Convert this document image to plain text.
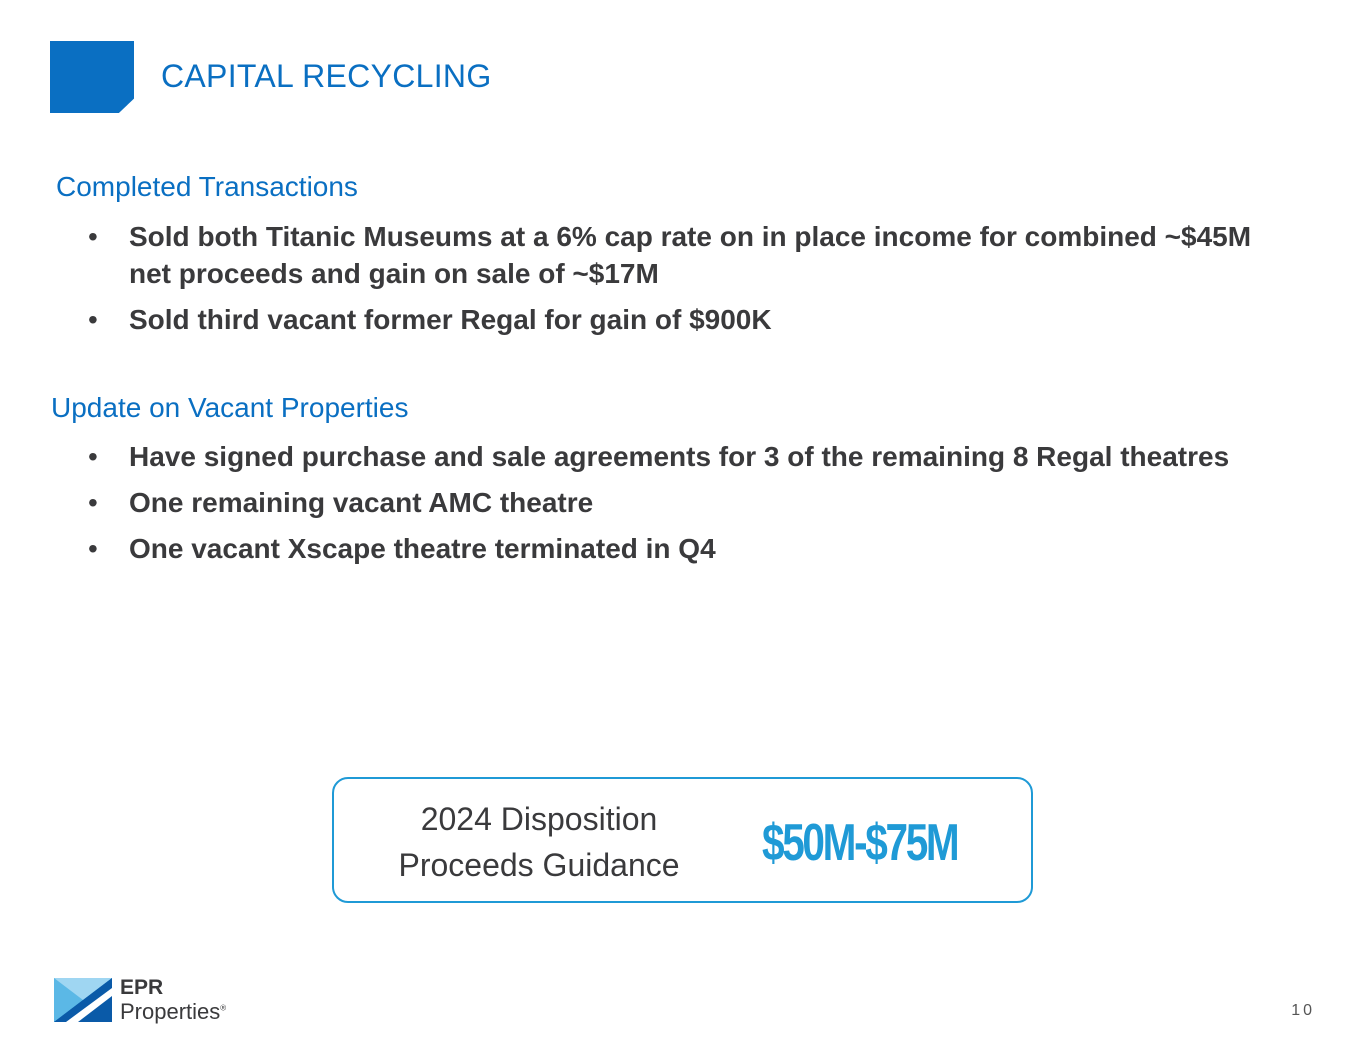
CAPITAL RECYCLING
Completed Transactions
• Sold both Titanic Museums at a 6% cap rate on in place income for combined ~$45M net proceeds and gain on sale of ~$17M
• Sold third vacant former Regal for gain of $900K
Update on Vacant Properties
• Have signed purchase and sale agreements for 3 of the remaining 8 Regal theatres
• One remaining vacant AMC theatre
• One vacant Xscape theatre terminated in Q4
2024 Disposition
Proceeds Guidance	$50M-$75M
EPR
Properties®	10
